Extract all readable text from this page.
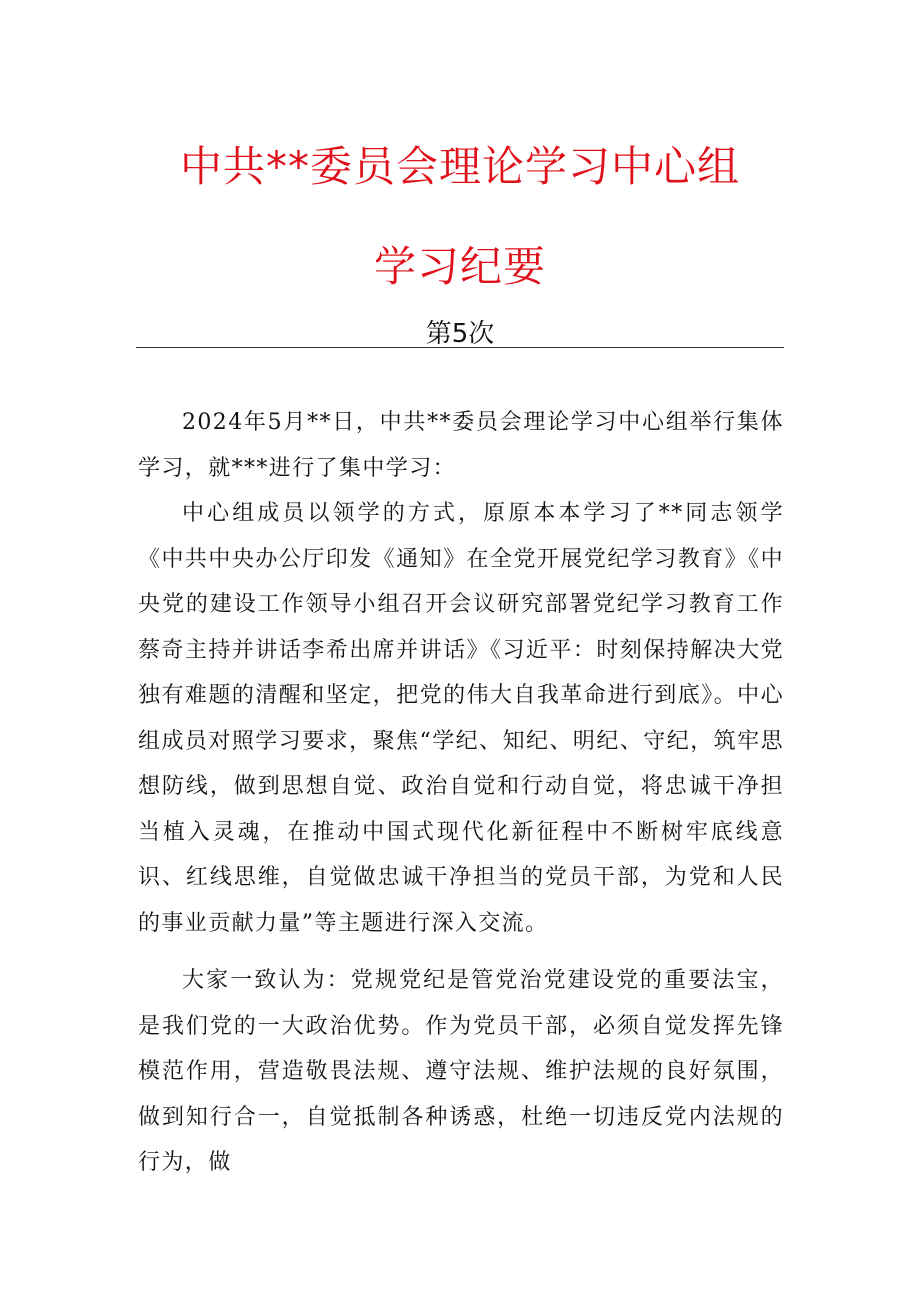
中共**委员会理论学习中心组
学习纪要
第5次

2024年5月**日，中共**委员会理论学习中心组举行集体学习，就***进行了集中学习：

中心组成员以领学的方式，原原本本学习了**同志领学《中共中央办公厅印发《通知》在全党开展党纪学习教育》《中央党的建设工作领导小组召开会议研究部署党纪学习教育工作蔡奇主持并讲话李希出席并讲话》《习近平：时刻保持解决大党独有难题的清醒和坚定，把党的伟大自我革命进行到底》。中心组成员对照学习要求，聚焦“学纪、知纪、明纪、守纪，筑牢思想防线，做到思想自觉、政治自觉和行动自觉，将忠诚干净担当植入灵魂，在推动中国式现代化新征程中不断树牢底线意识、红线思维，自觉做忠诚干净担当的党员干部，为党和人民的事业贡献力量”等主题进行深入交流。

大家一致认为：党规党纪是管党治党建设党的重要法宝，是我们党的一大政治优势。作为党员干部，必须自觉发挥先锋模范作用，营造敬畏法规、遵守法规、维护法规的良好氛围，做到知行合一，自觉抵制各种诱惑，杜绝一切违反党内法规的行为，做
